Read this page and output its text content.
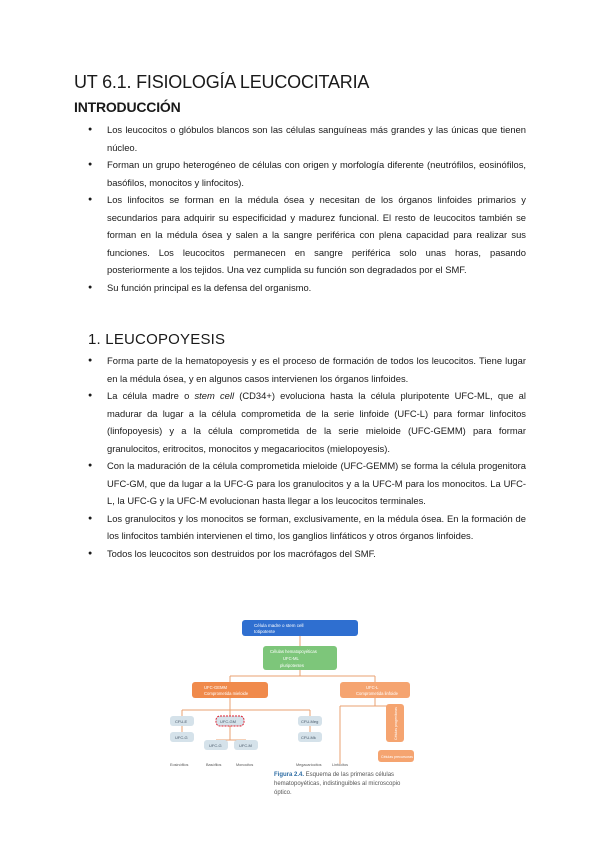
UT 6.1. FISIOLOGÍA LEUCOCITARIA
INTRODUCCIÓN
● Los leucocitos o glóbulos blancos son las células sanguíneas más grandes y las únicas que tienen núcleo.
● Forman un grupo heterogéneo de células con origen y morfología diferente (neutrófilos, eosinófilos, basófilos, monocitos y linfocitos).
● Los linfocitos se forman en la médula ósea y necesitan de los órganos linfoides primarios y secundarios para adquirir su especificidad y madurez funcional. El resto de leucocitos también se forman en la médula ósea y salen a la sangre periférica con plena capacidad para realizar sus funciones. Los leucocitos permanecen en sangre periférica solo unas horas, pasando posteriormente a los tejidos. Una vez cumplida su función son degradados por el SMF.
● Su función principal es la defensa del organismo.
1. LEUCOPOYESIS
● Forma parte de la hematopoyesis y es el proceso de formación de todos los leucocitos. Tiene lugar en la médula ósea, y en algunos casos intervienen los órganos linfoides.
● La célula madre o stem cell (CD34+) evoluciona hasta la célula pluripotente UFC-ML, que al madurar da lugar a la célula comprometida de la serie linfoide (UFC-L) para formar linfocitos (linfopoyesis) y a la célula comprometida de la serie mieloide (UFC-GEMM) para formar granulocitos, eritrocitos, monocitos y megacariocitos (mielopoyesis).
● Con la maduración de la célula comprometida mieloide (UFC-GEMM) se forma la célula progenitora UFC-GM, que da lugar a la UFC-G para los granulocitos y a la UFC-M para los monocitos. La UFC-L, la UFC-G y la UFC-M evolucionan hasta llegar a los leucocitos terminales.
● Los granulocitos y los monocitos se forman, exclusivamente, en la médula ósea. En la formación de los linfocitos también intervienen el timo, los ganglios linfáticos y otros órganos linfoides.
● Todos los leucocitos son destruidos por los macrófagos del SMF.
Célula madre o stem cell
totipotente
Células hematopoyéticas
UFC-ML
pluripotentes
UFC-GEMM
Comprometida mieloide
UFC-L
Comprometida linfoide
CFU-E	UFC-GM	CFU-Meg
UFC-G	CFU-Mk
UFC-G	UFC-M
Células progenitoras
Células precursoras
Eosinófilos	Basófilos	Monocitos	Megacariocitos	Linfocitos
Figura 2.4. Esquema de las primeras células hematopoyéticas, indistinguibles al microscopio óptico.
